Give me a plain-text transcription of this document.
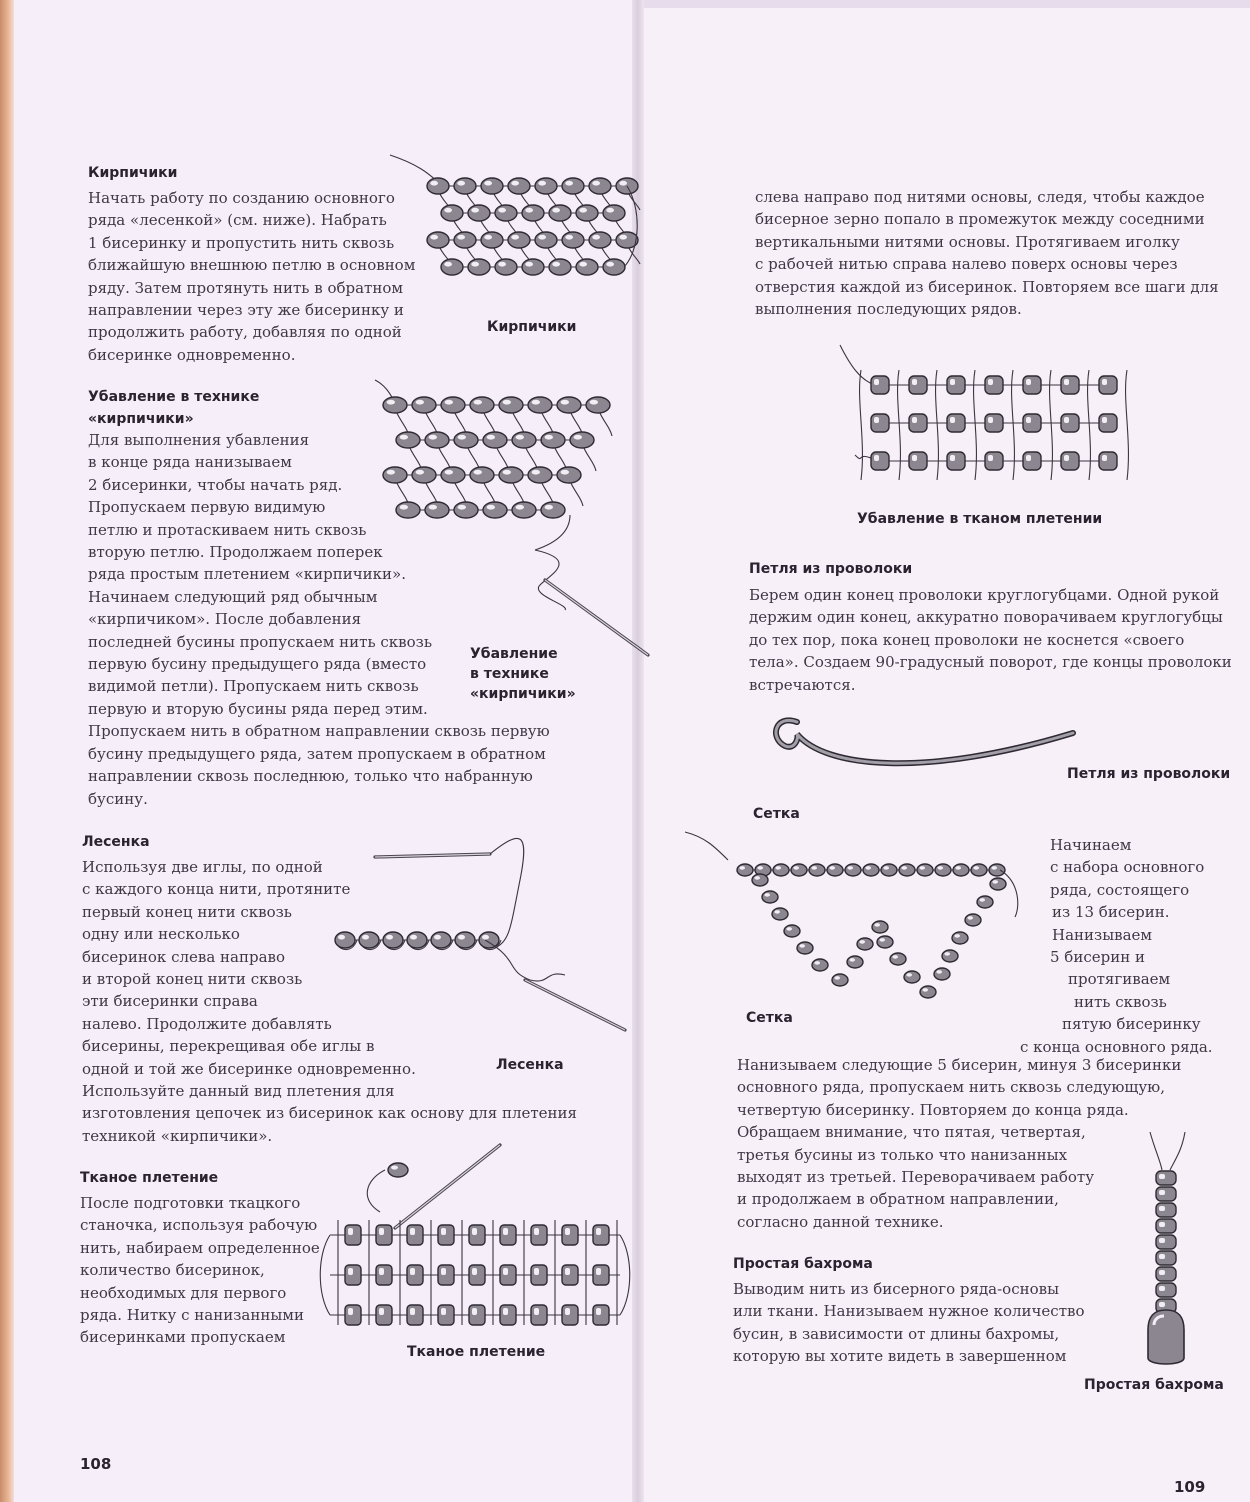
Кирпичики
Начать работу по созданию основного
ряда «лесенкой» (см. ниже). Набрать
1 бисеринку и пропустить нить сквозь
ближайшую внешнюю петлю в основном
ряду. Затем протянуть нить в обратном
направлении через эту же бисеринку и
продолжить работу, добавляя по одной
бисеринке одновременно.
Кирпичики
Убавление в технике
«кирпичики»
Для выполнения убавления
в конце ряда нанизываем
2 бисеринки, чтобы начать ряд.
Пропускаем первую видимую
петлю и протаскиваем нить сквозь
вторую петлю. Продолжаем поперек
ряда простым плетением «кирпичики».
Начинаем следующий ряд обычным
«кирпичиком». После добавления
последней бусины пропускаем нить сквозь
первую бусину предыдущего ряда (вместо
видимой петли). Пропускаем нить сквозь
первую и вторую бусины ряда перед этим.
Пропускаем нить в обратном направлении сквозь первую
бусину предыдущего ряда, затем пропускаем в обратном
направлении сквозь последнюю, только что набранную
бусину.
Убавление
в технике
«кирпичики»
Лесенка
Используя две иглы, по одной
с каждого конца нити, протяните
первый конец нити сквозь
одну или несколько
бисеринок слева направо
и второй конец нити сквозь
эти бисеринки справа
налево. Продолжите добавлять
бисерины, перекрещивая обе иглы в
одной и той же бисеринке одновременно.
Используйте данный вид плетения для
изготовления цепочек из бисеринок как основу для плетения
техникой «кирпичики».
Лесенка
Тканое плетение
После подготовки ткацкого
станочка, используя рабочую
нить, набираем определенное
количество бисеринок,
необходимых для первого
ряда. Нитку с нанизанными
бисеринками пропускаем
Тканое плетение
108
слева направо под нитями основы, следя, чтобы каждое
бисерное зерно попало в промежуток между соседними
вертикальными нитями основы. Протягиваем иголку
с рабочей нитью справа налево поверх основы через
отверстия каждой из бисеринок. Повторяем все шаги для
выполнения последующих рядов.
Убавление в тканом плетении
Петля из проволоки
Берем один конец проволоки круглогубцами. Одной рукой
держим один конец, аккуратно поворачиваем круглогубцы
до тех пор, пока конец проволоки не коснется «своего
тела». Создаем 90-градусный поворот, где концы проволоки
встречаются.
Петля из проволоки
Сетка
Сетка
Начинаем
с набора основного
ряда, состоящего
из 13 бисерин.
Нанизываем
5 бисерин и
протягиваем
нить сквозь
пятую бисеринку
с конца основного ряда.
Нанизываем следующие 5 бисерин, минуя 3 бисеринки
основного ряда, пропускаем нить сквозь следующую,
четвертую бисеринку. Повторяем до конца ряда.
Обращаем внимание, что пятая, четвертая,
третья бусины из только что нанизанных
выходят из третьей. Переворачиваем работу
и продолжаем в обратном направлении,
согласно данной технике.
Простая бахрома
Выводим нить из бисерного ряда-основы
или ткани. Нанизываем нужное количество
бусин, в зависимости от длины бахромы,
которую вы хотите видеть в завершенном
Простая бахрома
109
